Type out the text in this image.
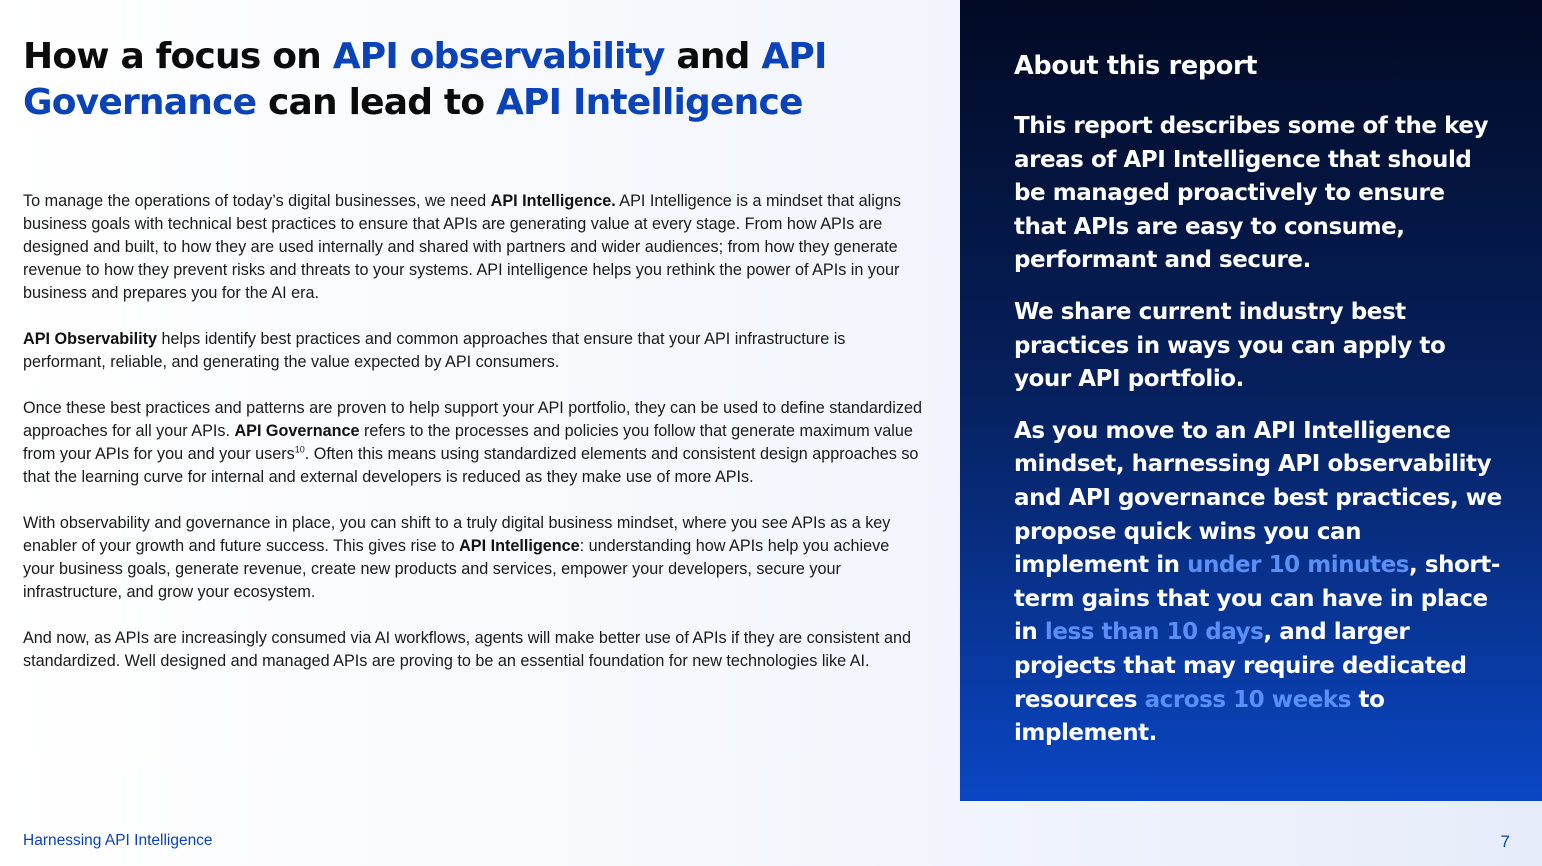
How a focus on API observability and API Governance can lead to API Intelligence

To manage the operations of today’s digital businesses, we need API Intelligence. API Intelligence is a mindset that aligns business goals with technical best practices to ensure that APIs are generating value at every stage. From how APIs are designed and built, to how they are used internally and shared with partners and wider audiences; from how they generate revenue to how they prevent risks and threats to your systems. API intelligence helps you rethink the power of APIs in your business and prepares you for the AI era.

API Observability helps identify best practices and common approaches that ensure that your API infrastructure is performant, reliable, and generating the value expected by API consumers.

Once these best practices and patterns are proven to help support your API portfolio, they can be used to define standardized approaches for all your APIs. API Governance refers to the processes and policies you follow that generate maximum value from your APIs for you and your users$^{10}$. Often this means using standardized elements and consistent design approaches so that the learning curve for internal and external developers is reduced as they make use of more APIs.

With observability and governance in place, you can shift to a truly digital business mindset, where you see APIs as a key enabler of your growth and future success. This gives rise to API Intelligence: understanding how APIs help you achieve your business goals, generate revenue, create new products and services, empower your developers, secure your infrastructure, and grow your ecosystem.

And now, as APIs are increasingly consumed via AI workflows, agents will make better use of APIs if they are consistent and standardized. Well designed and managed APIs are proving to be an essential foundation for new technologies like AI.

About this report

This report describes some of the key areas of API Intelligence that should be managed proactively to ensure that APIs are easy to consume, performant and secure.

We share current industry best practices in ways you can apply to your API portfolio.

As you move to an API Intelligence mindset, harnessing API observability and API governance best practices, we propose quick wins you can implement in under 10 minutes, short-term gains that you can have in place in less than 10 days, and larger projects that may require dedicated resources across 10 weeks to implement.

Harnessing API Intelligence	7
